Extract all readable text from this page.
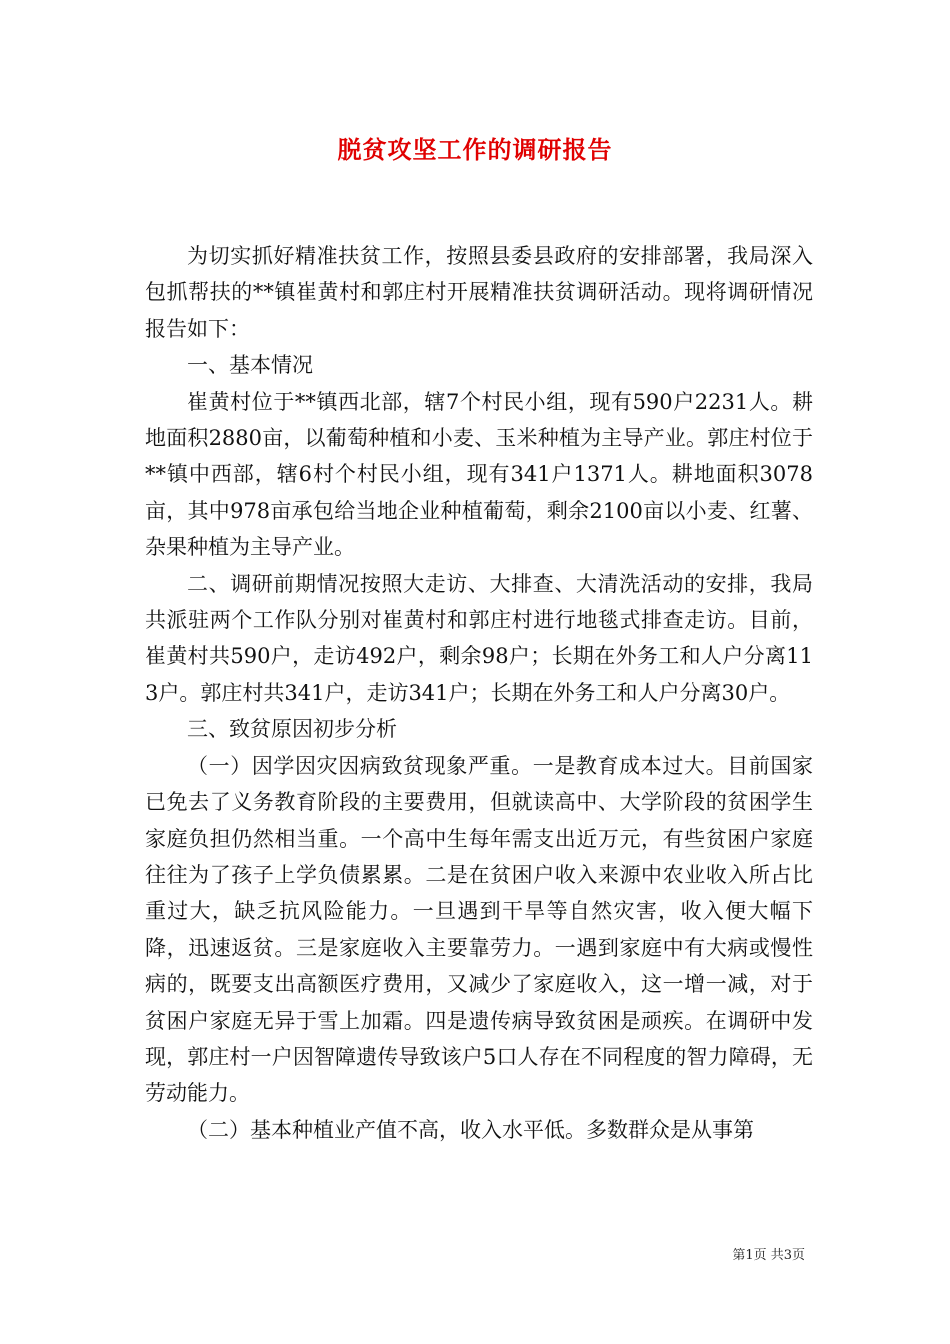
脱贫攻坚工作的调研报告

为切实抓好精准扶贫工作，按照县委县政府的安排部署，我局深入包抓帮扶的**镇崔黄村和郭庄村开展精准扶贫调研活动。现将调研情况报告如下：

一、基本情况

崔黄村位于**镇西北部，辖7个村民小组，现有590户2231人。耕地面积2880亩，以葡萄种植和小麦、玉米种植为主导产业。郭庄村位于**镇中西部，辖6村个村民小组，现有341户1371人。耕地面积3078亩，其中978亩承包给当地企业种植葡萄，剩余2100亩以小麦、红薯、杂果种植为主导产业。

二、调研前期情况按照大走访、大排查、大清洗活动的安排，我局共派驻两个工作队分别对崔黄村和郭庄村进行地毯式排查走访。目前，崔黄村共590户，走访492户，剩余98户；长期在外务工和人户分离113户。郭庄村共341户，走访341户；长期在外务工和人户分离30户。

三、致贫原因初步分析

（一）因学因灾因病致贫现象严重。一是教育成本过大。目前国家已免去了义务教育阶段的主要费用，但就读高中、大学阶段的贫困学生家庭负担仍然相当重。一个高中生每年需支出近万元，有些贫困户家庭往往为了孩子上学负债累累。二是在贫困户收入来源中农业收入所占比重过大，缺乏抗风险能力。一旦遇到干旱等自然灾害，收入便大幅下降，迅速返贫。三是家庭收入主要靠劳力。一遇到家庭中有大病或慢性病的，既要支出高额医疗费用，又减少了家庭收入，这一增一减，对于贫困户家庭无异于雪上加霜。四是遗传病导致贫困是顽疾。在调研中发现，郭庄村一户因智障遗传导致该户5口人存在不同程度的智力障碍，无劳动能力。

（二）基本种植业产值不高，收入水平低。多数群众是从事第

第1页 共3页
